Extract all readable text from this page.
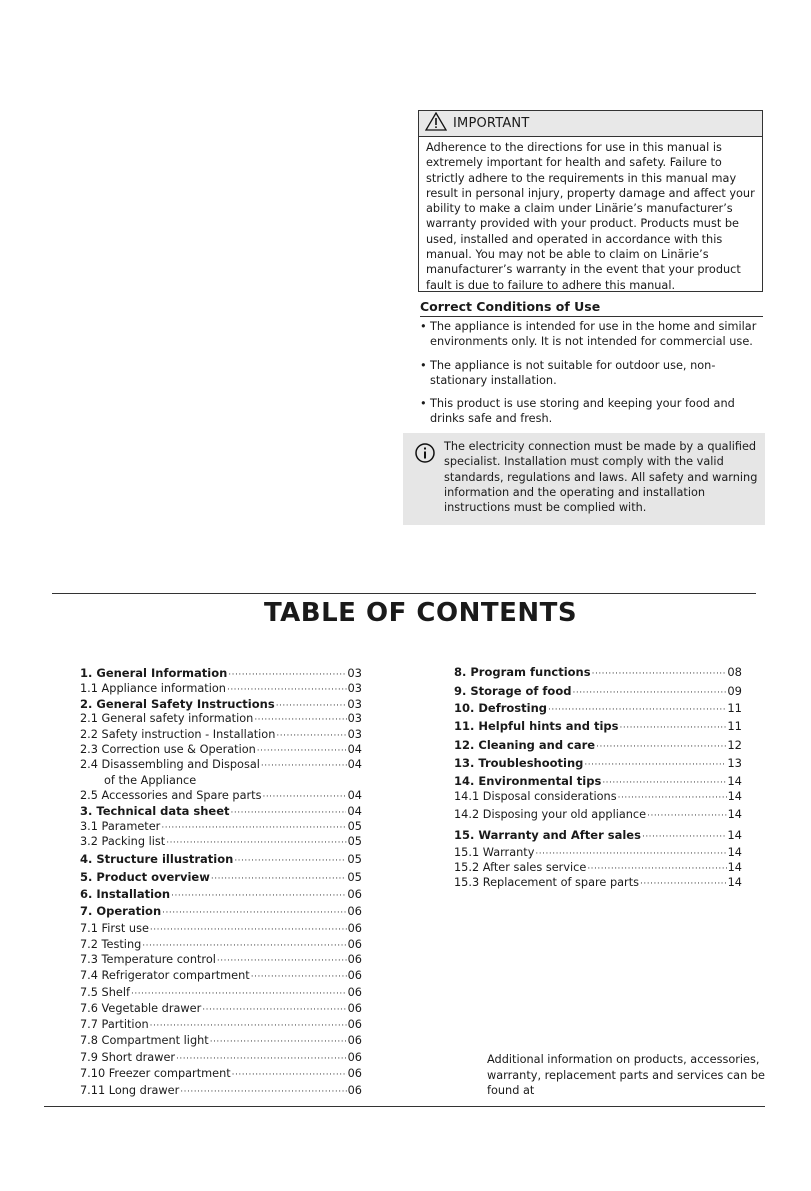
IMPORTANT

Adherence to the directions for use in this manual is extremely important for health and safety. Failure to strictly adhere to the requirements in this manual may result in personal injury, property damage and affect your ability to make a claim under Linärie’s manufacturer’s warranty provided with your product. Products must be used, installed and operated in accordance with this manual. You may not be able to claim on Linärie’s manufacturer’s warranty in the event that your product fault is due to failure to adhere this manual.

Correct Conditions of Use
• The appliance is intended for use in the home and similar environments only. It is not intended for commercial use.
• The appliance is not suitable for outdoor use, non-stationary installation.
• This product is use storing and keeping your food and drinks safe and fresh.

The electricity connection must be made by a qualified specialist. Installation must comply with the valid standards, regulations and laws. All safety and warning information and the operating and installation instructions must be complied with.

TABLE OF CONTENTS
1. General Information ·····	03
1.1 Appliance information ·····	03
2. General Safety Instructions ·····	03
2.1 General safety information ·····	03
2.2 Safety instruction - Installation ·····	03
2.3 Correction use & Operation ·····	04
2.4 Disassembling and Disposal ·····	04
2.5 Accessories and Spare parts ·····	04
3. Technical data sheet ·····	04
3.1 Parameter ·····	05
3.2 Packing list ·····	05
4. Structure illustration ·····	05
5. Product overview ·····	05
6. Installation ·····	06
7. Operation ·····	06
7.1 First use ·····	06
7.2 Testing ·····	06
7.3 Temperature control ·····	06
7.4 Refrigerator compartment ·····	06
7.5 Shelf ·····	06
7.6 Vegetable drawer ·····	06
7.7 Partition ·····	06
7.8 Compartment light ·····	06
7.9 Short drawer ·····	06
7.10 Freezer compartment ·····	06
7.11 Long drawer ·····	06
8. Program functions ·····	08
9. Storage of food ·····	09
10. Defrosting ·····	11
11. Helpful hints and tips ·····	11
12. Cleaning and care ·····	12
13. Troubleshooting ·····	13
14. Environmental tips ·····	14
14.1 Disposal considerations ·····	14
14.2 Disposing your old appliance ·····	14
15. Warranty and After sales ·····	14
15.1 Warranty ·····	14
15.2 After sales service ·····	14
15.3 Replacement of spare parts ·····	14
of the Appliance

Additional information on products, accessories, warranty, replacement parts and services can be found at
